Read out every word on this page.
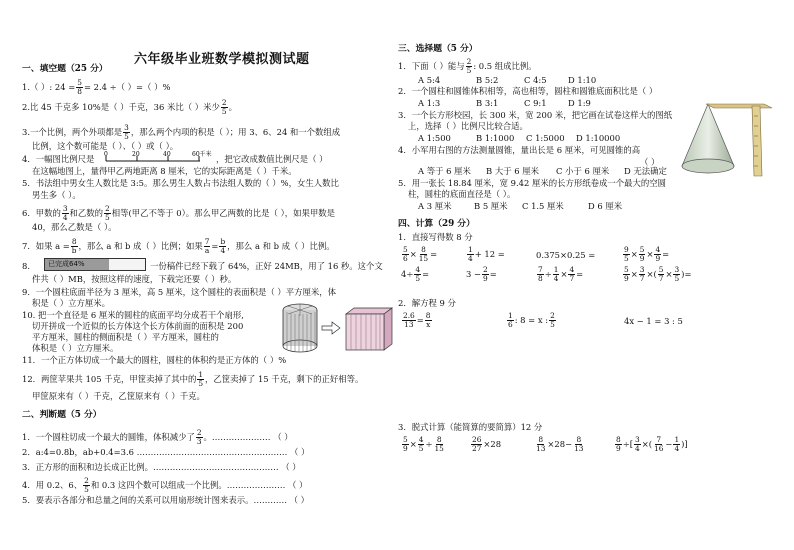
六年级毕业班数学模拟测试题
一、填空题（25 分）
1.（ ）: $24 = \frac{5}{8} = 2.4$ ÷（ ）=（ ）%
2.比 45 千克多 10%是（ ）千克，36 米比（ ）米少 $\frac{2}{5}$ 。
3.一个比例，两个外项都是 $\frac{3}{5}$ ，那么两个内项的积是（ ）；用 3、6、24 和一个数组成
比例，这个数可能是（ ）、（ ）或（ ）。
4．一幅图比例尺是 0	20	40	60千米 ，把它改成数值比例尺是（ ）
在这幅地图上，量得甲乙两地距离 8 厘米，它的实际距离是（ ）千米。
5．书法组中男女生人数比是 3:5。那么男生人数占书法组人数的（ ）%，女生人数比
男生多（ ）。
6．甲数的 $\frac{3}{4}$ 和乙数的 $\frac{2}{5}$ 相等(甲乙不等于 0）。那么甲乙两数的比是（ ），如果甲数是
40，那么乙数是（ ）。
7．如果 $a = \frac{8}{b}$ ，那么 a 和 b 成（ ）比例；如果 $\frac{7}{a} = \frac{b}{4}$ ，那么 a 和 b 成（ ）比例。
8.	已完成64%	一份稿件已经下载了 64%，正好 24MB，用了 16 秒。这个文
件共（ ）MB，按照这样的速度，下载完还要（ ）秒。
9．一个圆柱底面半径为 3 厘米，高 5 厘米，这个圆柱的表面积是（ ）平方厘米，体
积是（ ）立方厘米。
10. 把一个直径是 6 厘米的圆柱的底面平均分成若干个扇形,
切开拼成一个近似的长方体这个长方体前面的面积是 200
平方厘米，圆柱的侧面积是（ ）平方厘米，圆柱的
体积是（ ）立方厘米。
11．一个正方体切成一个最大的圆柱，圆柱的体积约是正方体的（ ）%
12．两筐苹果共 105 千克，甲筐卖掉了其中的 $\frac{1}{5}$ ，乙筐卖掉了 15 千克，剩下的正好相等。
甲筐原来有（ ）千克，乙筐原来有（ ）千克。
二、判断题（5 分）
1．一个圆柱切成一个最大的圆锥，体积减少了 $\frac{2}{3}$ 。………………… （ ）
2．a:4=0.8b，ab+0.4=3.6 ……………………………………………… （ ）
3．正方形的面积和边长成正比例。……………………………………… （ ）
4．用 0.2、6、 $\frac{2}{5}$ 和 0.3 这四个数可以组成一个比例。………………… （ ）
5．要表示各部分和总量之间的关系可以用扇形统计图来表示。………… （ ）
三、选择题（5 分）
1．下面（ ）能与 $\frac{2}{5}$ : 0.5 组成比例。
A 5:4	B 5:2	C 4:5	D 1:10
2．一个圆柱和圆锥体积相等，高也相等，圆柱和圆锥底面积比是（ ）
A 1:3	B 3:1	C 9:1	D 1:9
3．一个长方形校园，长 300 米，宽 200 米，把它画在试卷这样大的图纸
上，选择（ ）比例尺比较合适。
A 1:500	B 1:1000 C 1:5000 D 1:10000
4．小军用右图的方法测量圆锥，量出长是 6 厘米，可见圆锥的高
（ ）
A 等于 6 厘米 B 大于 6 厘米 C 小于 6 厘米 D 无法确定
5．用一张长 18.84 厘米，宽 9.42 厘米的长方形纸卷成一个最大的空圆
柱，圆柱的底面直径是（ ）。
A 3 厘米	B 5 厘米 C 1.5 厘米	D 6 厘米
四、计算（29 分）
1．直接写得数 8 分
$\frac{5}{6} \times \frac{8}{15}$ =	$\frac{1}{4} + 12$ =	0.375×0.25 =	$\frac{9}{5} \times \frac{5}{9} \times \frac{4}{9}$ =
$4\div \frac{4}{5}$ =	$3 - \frac{2}{9}$ =	$\frac{7}{8} \div \frac{1}{4} \times \frac{4}{7}$ =	$\frac{5}{9} \times \frac{3}{7}$ ×( $\frac{5}{7} \times \frac{3}{5}$ )=
2．解方程 9 分
$\frac{2.6}{13} = \frac{8}{x}$	$\frac{1}{6}$ : 8 = x : $\frac{2}{5}$	4x − 1 = 3 : 5
3．脱式计算（能简算的要简算）12 分
$\frac{5}{9} \times \frac{4}{5} \div \frac{8}{15}$	$\frac{26}{27} \times 28$	$\frac{8}{13} \times 28- \frac{8}{13}$	$\frac{8}{9}$ ÷[ $\frac{3}{4}$ ×( $\frac{7}{16} - \frac{1}{4}$ )]
